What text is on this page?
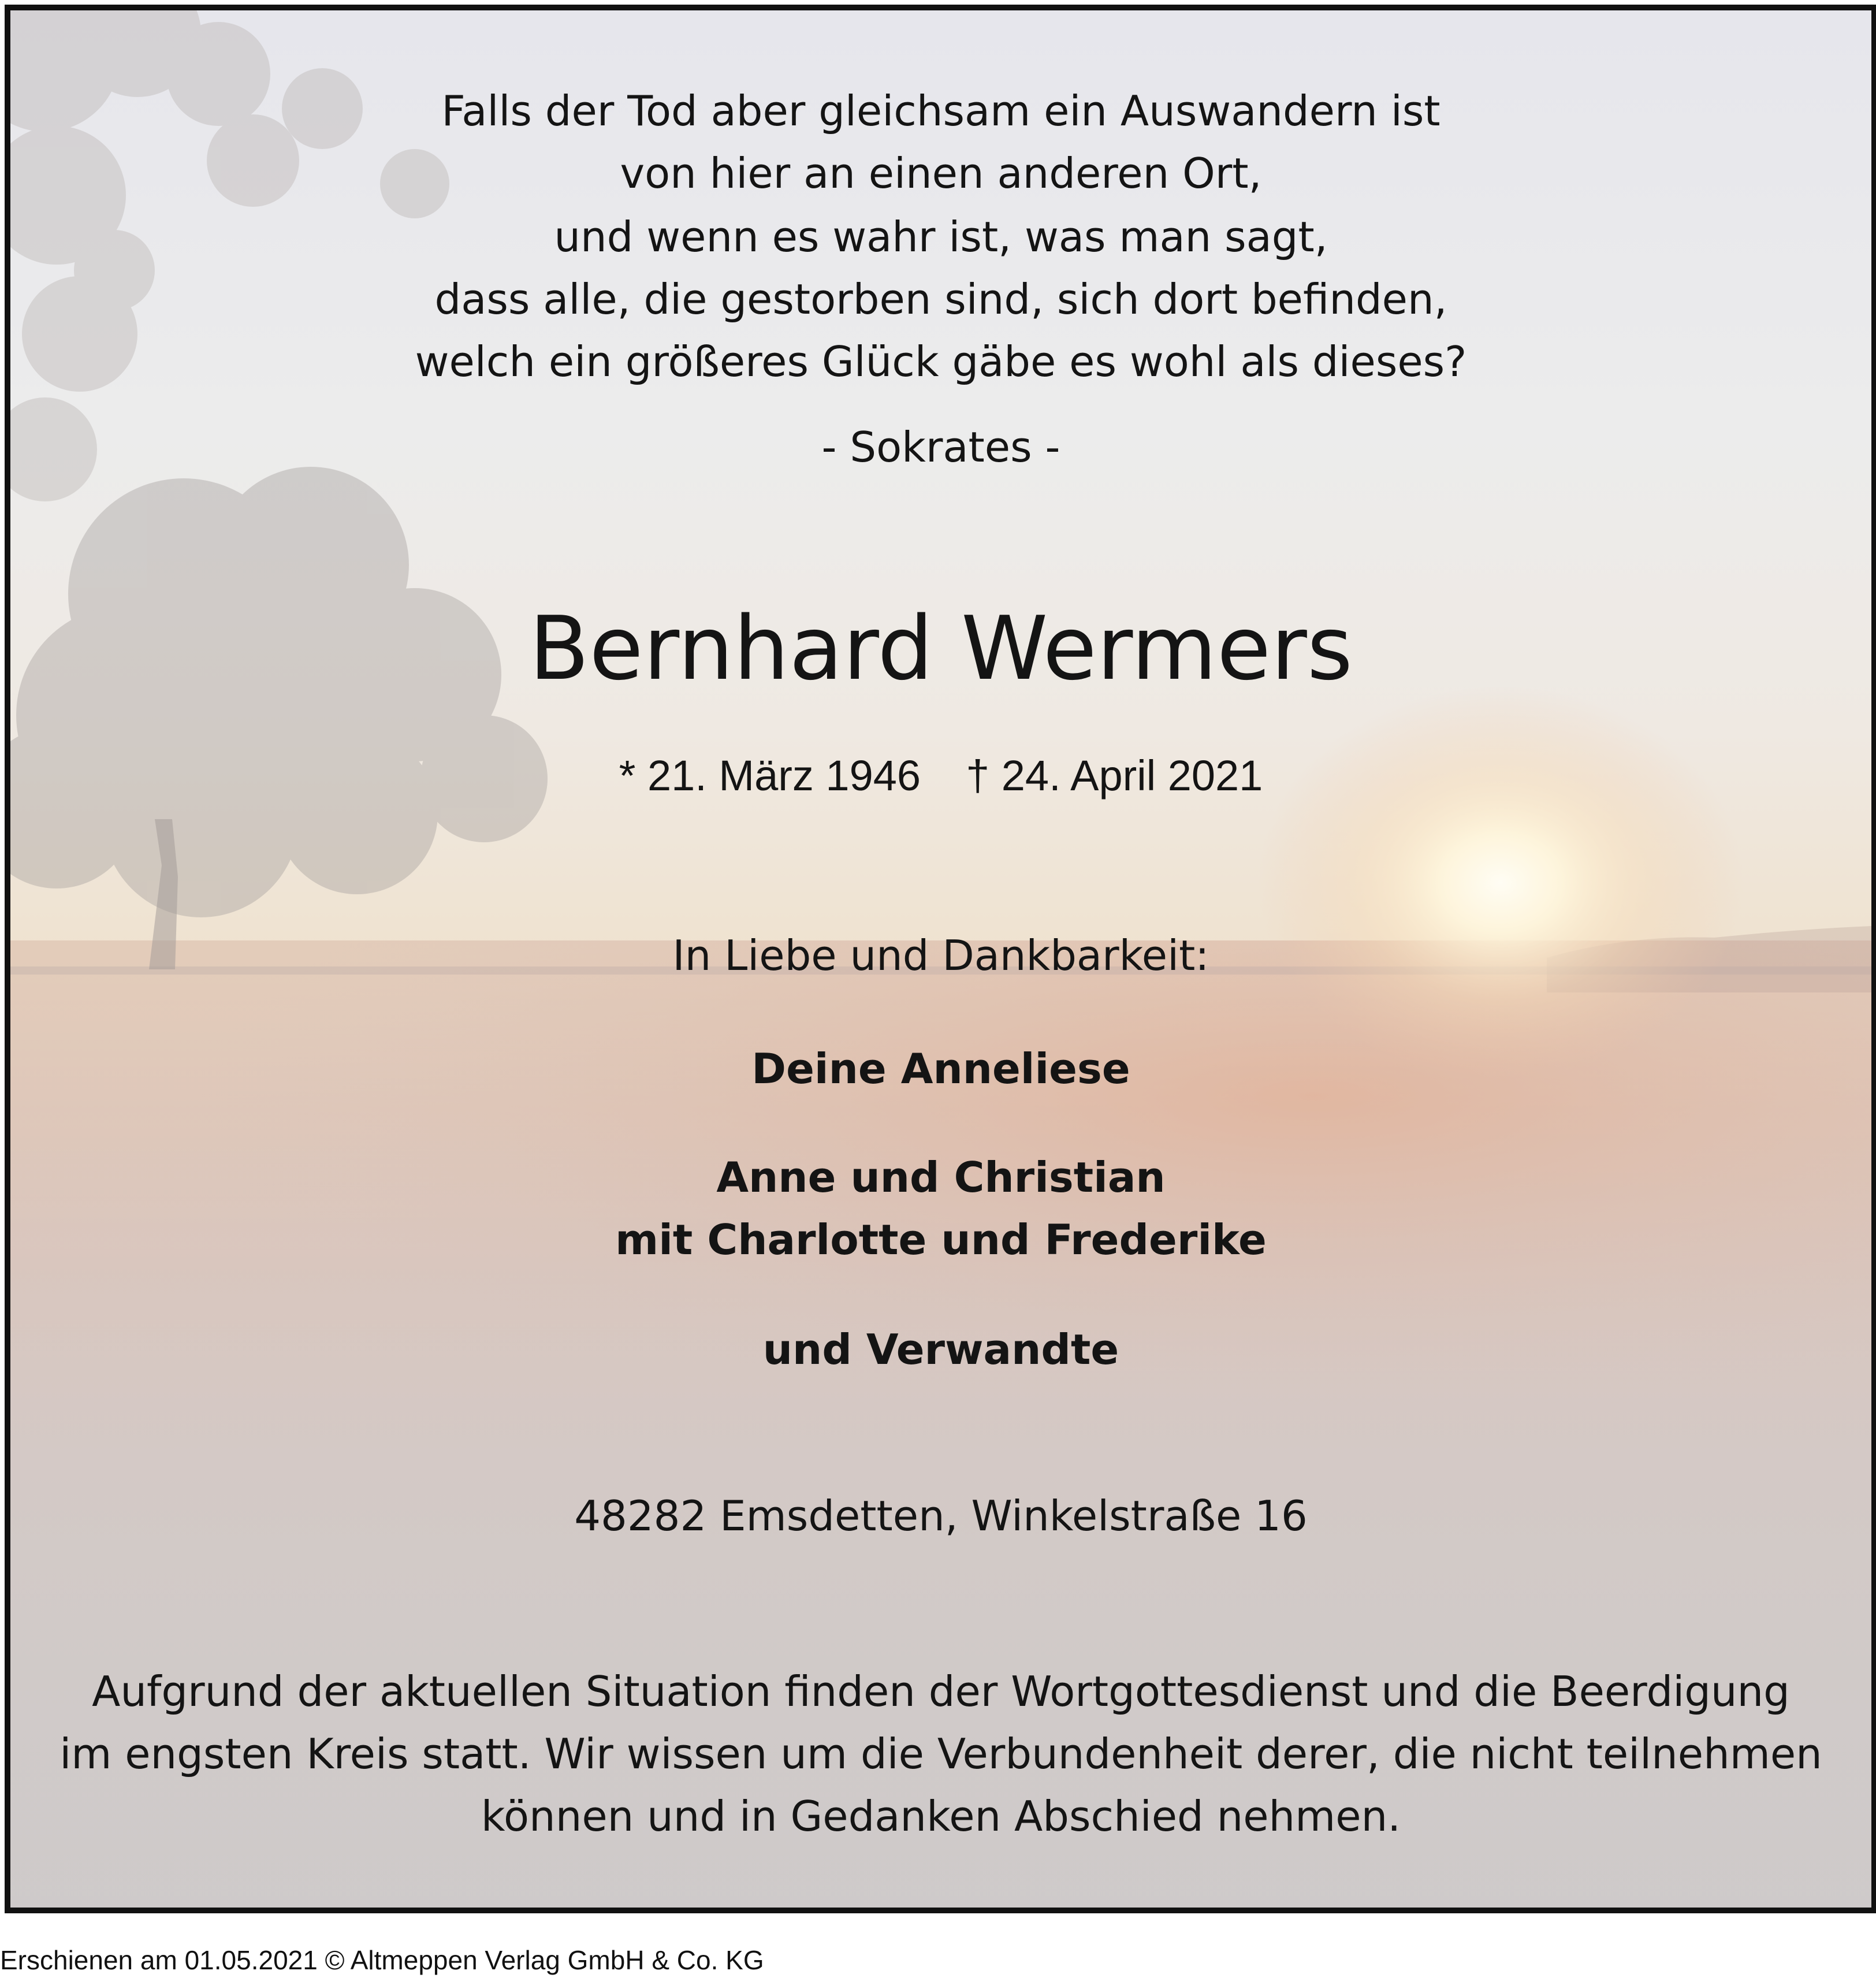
Falls der Tod aber gleichsam ein Auswandern ist
von hier an einen anderen Ort,
und wenn es wahr ist, was man sagt,
dass alle, die gestorben sind, sich dort befinden,
welch ein größeres Glück gäbe es wohl als dieses?
- Sokrates -
Bernhard Wermers
* 21. März 1946 † 24. April 2021
In Liebe und Dankbarkeit:
Deine Anneliese
Anne und Christian
mit Charlotte und Frederike
und Verwandte
48282 Emsdetten, Winkelstraße 16
Aufgrund der aktuellen Situation finden der Wortgottesdienst und die Beerdigung
im engsten Kreis statt. Wir wissen um die Verbundenheit derer, die nicht teilnehmen
können und in Gedanken Abschied nehmen.
Erschienen am 01.05.2021 © Altmeppen Verlag GmbH & Co. KG
